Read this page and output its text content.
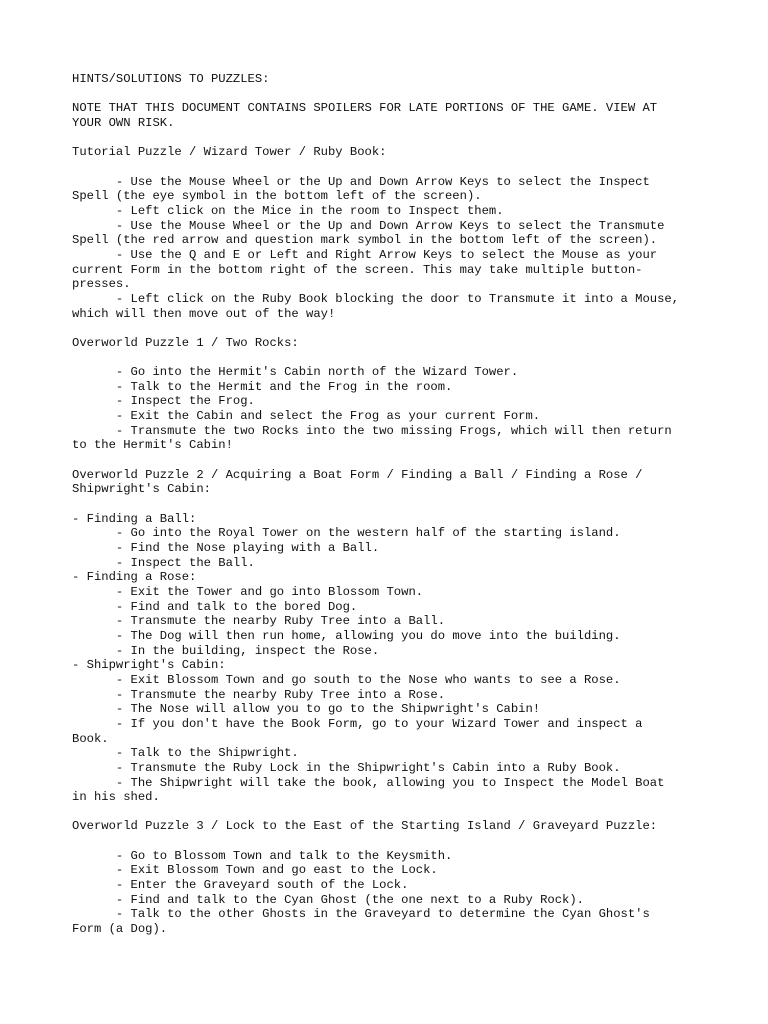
HINTS/SOLUTIONS TO PUZZLES:

NOTE THAT THIS DOCUMENT CONTAINS SPOILERS FOR LATE PORTIONS OF THE GAME. VIEW AT

YOUR OWN RISK.

Tutorial Puzzle / Wizard Tower / Ruby Book:

- Use the Mouse Wheel or the Up and Down Arrow Keys to select the Inspect

Spell (the eye symbol in the bottom left of the screen).

- Left click on the Mice in the room to Inspect them.

- Use the Mouse Wheel or the Up and Down Arrow Keys to select the Transmute

Spell (the red arrow and question mark symbol in the bottom left of the screen).

- Use the Q and E or Left and Right Arrow Keys to select the Mouse as your

current Form in the bottom right of the screen. This may take multiple button-

presses.

- Left click on the Ruby Book blocking the door to Transmute it into a Mouse,

which will then move out of the way!

Overworld Puzzle 1 / Two Rocks:

- Go into the Hermit's Cabin north of the Wizard Tower.

- Talk to the Hermit and the Frog in the room.

- Inspect the Frog.

- Exit the Cabin and select the Frog as your current Form.

- Transmute the two Rocks into the two missing Frogs, which will then return

to the Hermit's Cabin!

Overworld Puzzle 2 / Acquiring a Boat Form / Finding a Ball / Finding a Rose /

Shipwright's Cabin:

- Finding a Ball:

- Go into the Royal Tower on the western half of the starting island.

- Find the Nose playing with a Ball.

- Inspect the Ball.

- Finding a Rose:

- Exit the Tower and go into Blossom Town.

- Find and talk to the bored Dog.

- Transmute the nearby Ruby Tree into a Ball.

- The Dog will then run home, allowing you do move into the building.

- In the building, inspect the Rose.

- Shipwright's Cabin:

- Exit Blossom Town and go south to the Nose who wants to see a Rose.

- Transmute the nearby Ruby Tree into a Rose.

- The Nose will allow you to go to the Shipwright's Cabin!

- If you don't have the Book Form, go to your Wizard Tower and inspect a

Book.

- Talk to the Shipwright.

- Transmute the Ruby Lock in the Shipwright's Cabin into a Ruby Book.

- The Shipwright will take the book, allowing you to Inspect the Model Boat

in his shed.

Overworld Puzzle 3 / Lock to the East of the Starting Island / Graveyard Puzzle:

- Go to Blossom Town and talk to the Keysmith.

- Exit Blossom Town and go east to the Lock.

- Enter the Graveyard south of the Lock.

- Find and talk to the Cyan Ghost (the one next to a Ruby Rock).

- Talk to the other Ghosts in the Graveyard to determine the Cyan Ghost's

Form (a Dog).
